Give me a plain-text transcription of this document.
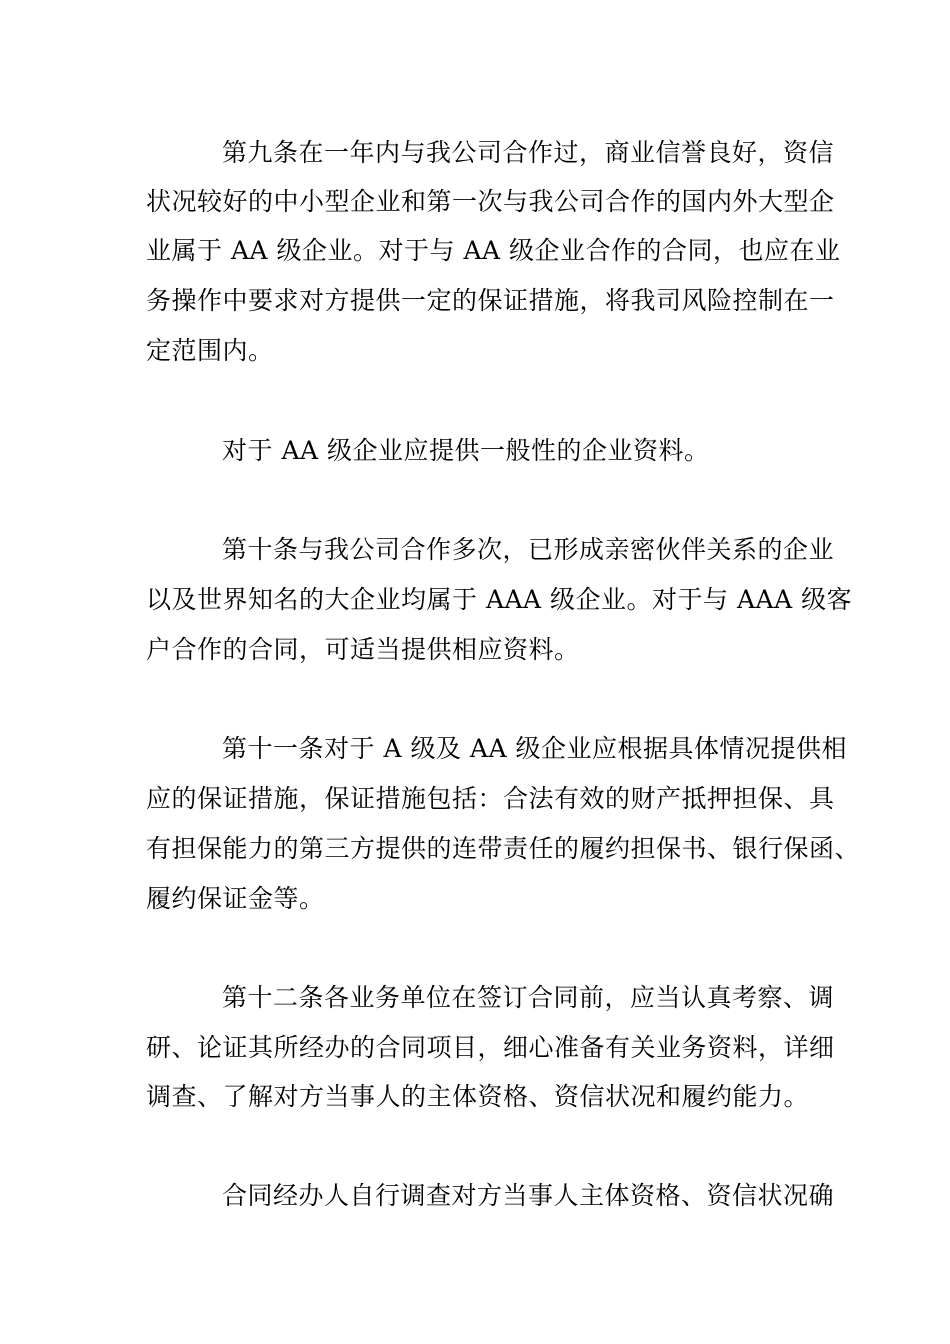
第九条在一年内与我公司合作过，商业信誉良好，资信
状况较好的中小型企业和第一次与我公司合作的国内外大型企
业属于 AA 级企业。对于与 AA 级企业合作的合同，也应在业
务操作中要求对方提供一定的保证措施，将我司风险控制在一
定范围内。
对于 AA 级企业应提供一般性的企业资料。
第十条与我公司合作多次，已形成亲密伙伴关系的企业
以及世界知名的大企业均属于 AAA 级企业。对于与 AAA 级客
户合作的合同，可适当提供相应资料。
第十一条对于 A 级及 AA 级企业应根据具体情况提供相
应的保证措施，保证措施包括：合法有效的财产抵押担保、具
有担保能力的第三方提供的连带责任的履约担保书、银行保函、
履约保证金等。
第十二条各业务单位在签订合同前，应当认真考察、调
研、论证其所经办的合同项目，细心准备有关业务资料，详细
调查、了解对方当事人的主体资格、资信状况和履约能力。
合同经办人自行调查对方当事人主体资格、资信状况确
